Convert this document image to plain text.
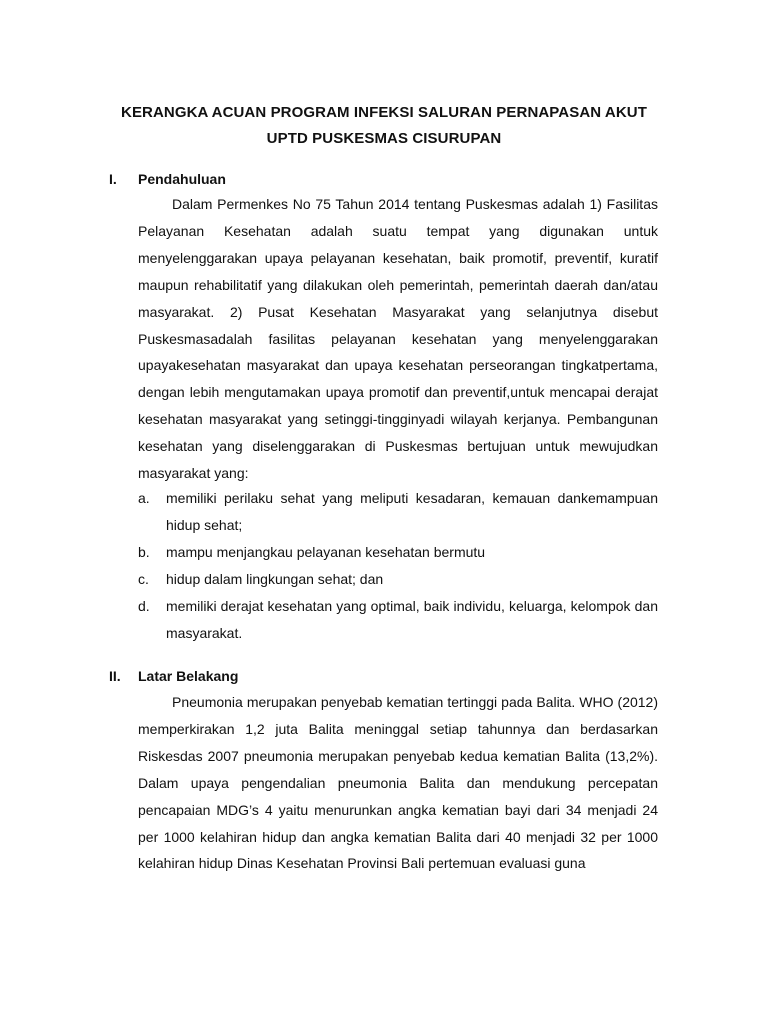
KERANGKA ACUAN PROGRAM INFEKSI SALURAN PERNAPASAN AKUT
UPTD PUSKESMAS CISURUPAN
I. Pendahuluan

Dalam Permenkes No 75 Tahun 2014 tentang Puskesmas adalah 1) Fasilitas Pelayanan Kesehatan adalah suatu tempat yang digunakan untuk menyelenggarakan upaya pelayanan kesehatan, baik promotif, preventif, kuratif maupun rehabilitatif yang dilakukan oleh pemerintah, pemerintah daerah dan/atau masyarakat. 2) Pusat Kesehatan Masyarakat yang selanjutnya disebut Puskesmasadalah fasilitas pelayanan kesehatan yang menyelenggarakan upayakesehatan masyarakat dan upaya kesehatan perseorangan tingkatpertama, dengan lebih mengutamakan upaya promotif dan preventif,untuk mencapai derajat kesehatan masyarakat yang setinggi-tingginyadi wilayah kerjanya. Pembangunan kesehatan yang diselenggarakan di Puskesmas bertujuan untuk mewujudkan masyarakat yang:

a. memiliki perilaku sehat yang meliputi kesadaran, kemauan dankemampuan hidup sehat;
b. mampu menjangkau pelayanan kesehatan bermutu
c. hidup dalam lingkungan sehat; dan
d. memiliki derajat kesehatan yang optimal, baik individu, keluarga, kelompok dan masyarakat.
II. Latar Belakang

Pneumonia merupakan penyebab kematian tertinggi pada Balita. WHO (2012) memperkirakan 1,2 juta Balita meninggal setiap tahunnya dan berdasarkan Riskesdas 2007 pneumonia merupakan penyebab kedua kematian Balita (13,2%). Dalam upaya pengendalian pneumonia Balita dan mendukung percepatan pencapaian MDG’s 4 yaitu menurunkan angka kematian bayi dari 34 menjadi 24 per 1000 kelahiran hidup dan angka kematian Balita dari 40 menjadi 32 per 1000 kelahiran hidup Dinas Kesehatan Provinsi Bali pertemuan evaluasi guna
